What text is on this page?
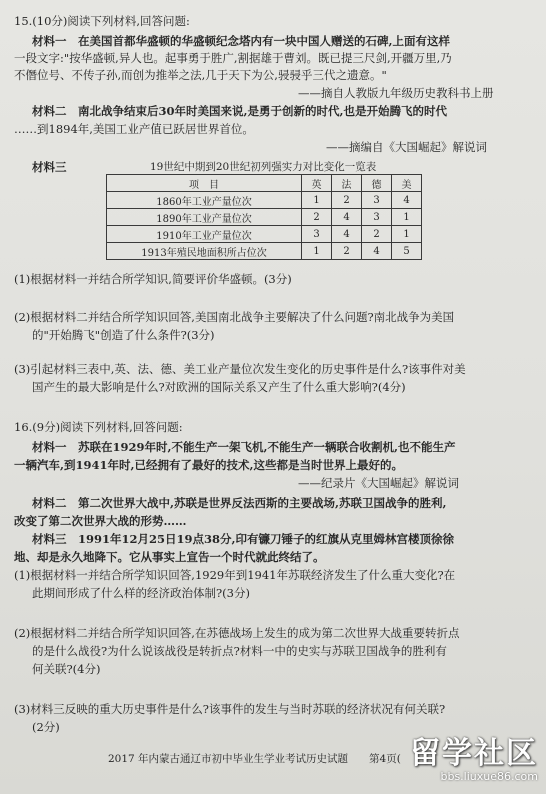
15.(10分)阅读下列材料,回答问题:
材料一　在美国首都华盛顿的华盛顿纪念塔内有一块中国人赠送的石碑,上面有这样
一段文字:"按华盛顿,异人也。起事勇于胜广,割据雄于曹刘。既已提三尺剑,开疆万里,乃
不僭位号、不传子孙,而创为推举之法,几于天下为公,骎骎乎三代之遗意。"
——摘自人教版九年级历史教科书上册
材料二　南北战争结束后30年时美国来说,是勇于创新的时代,也是开始腾飞的时代
……到1894年,美国工业产值已跃居世界首位。
——摘编自《大国崛起》解说词
材料三	19世纪中期到20世纪初列强实力对比变化一览表
项　目	英	法	德	美
1860年工业产量位次	1	2	3	4
1890年工业产量位次	2	4	3	1
1910年工业产量位次	3	4	2	1
1913年殖民地面积所占位次	1	2	4	5
(1)根据材料一并结合所学知识,简要评价华盛顿。(3分)
(2)根据材料二并结合所学知识回答,美国南北战争主要解决了什么问题?南北战争为美国
的"开始腾飞"创造了什么条件?(3分)
(3)引起材料三表中,英、法、德、美工业产量位次发生变化的历史事件是什么?该事件对美
国产生的最大影响是什么?对欧洲的国际关系又产生了什么重大影响?(4分)
16.(9分)阅读下列材料,回答问题:
材料一　苏联在1929年时,不能生产一架飞机,不能生产一辆联合收割机,也不能生产
一辆汽车,到1941年时,已经拥有了最好的技术,这些都是当时世界上最好的。
——纪录片《大国崛起》解说词
材料二　第二次世界大战中,苏联是世界反法西斯的主要战场,苏联卫国战争的胜利,
改变了第二次世界大战的形势……
材料三　1991年12月25日19点38分,印有镰刀锤子的红旗从克里姆林宫楼顶徐徐
地、却是永久地降下。它从事实上宣告一个时代就此终结了。
(1)根据材料一并结合所学知识回答,1929年到1941年苏联经济发生了什么重大变化?在
此期间形成了什么样的经济政治体制?(3分)
(2)根据材料二并结合所学知识回答,在苏德战场上发生的成为第二次世界大战重要转折点
的是什么战役?为什么说该战役是转折点?材料一中的史实与苏联卫国战争的胜利有
何关联?(4分)
(3)材料三反映的重大历史事件是什么?该事件的发生与当时苏联的经济状况有何关联?
(2分)
2017 年内蒙古通辽市初中毕业生学业考试历史试题　　第4页( 留学社区
bbs.liuxue86.com
